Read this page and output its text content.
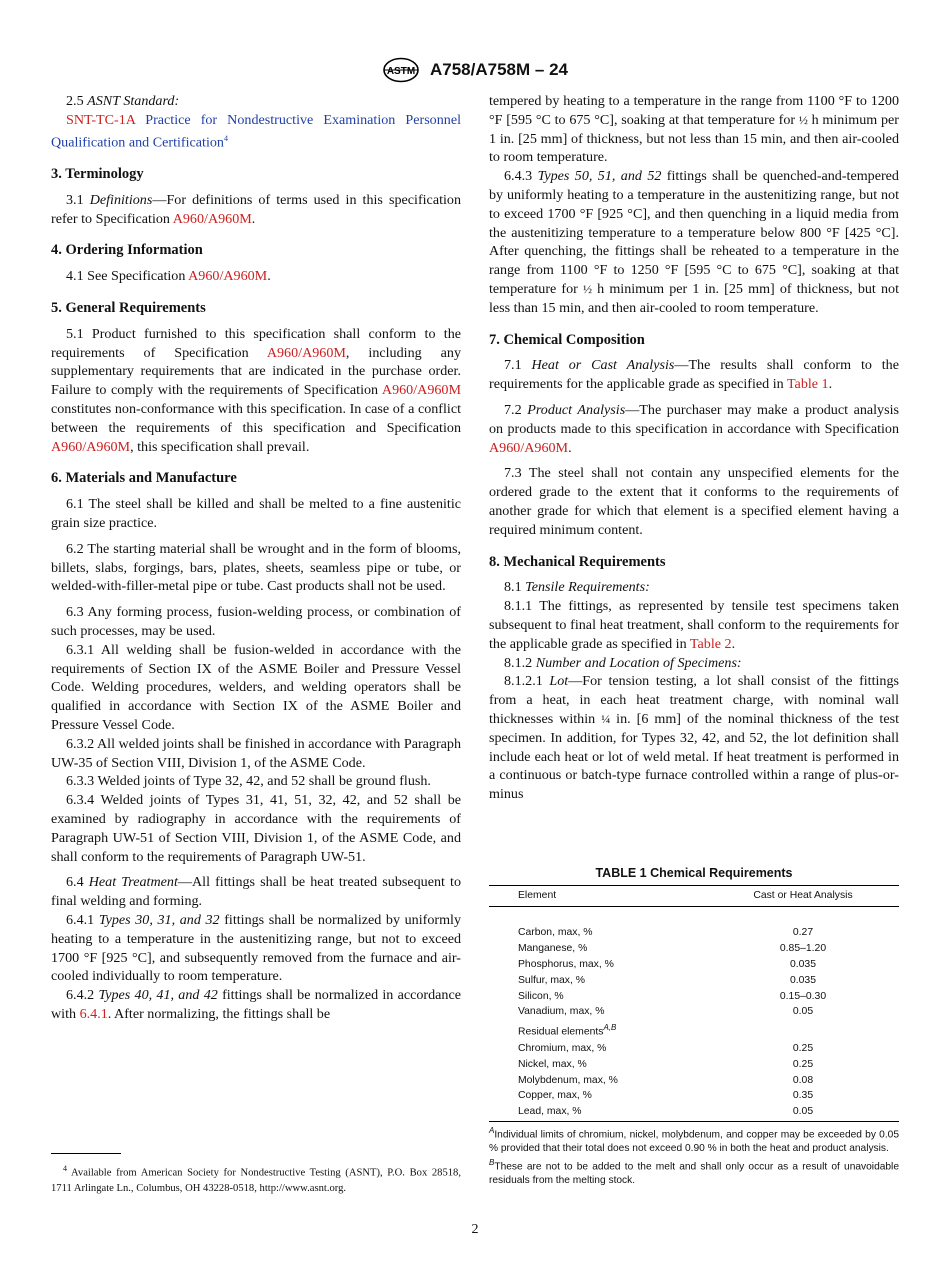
ASTM A758/A758M – 24

2.5 ASNT Standard:

SNT-TC-1A Practice for Nondestructive Examination Personnel Qualification and Certification$^4$

3. Terminology

3.1 Definitions—For definitions of terms used in this specification refer to Specification A960/A960M.

4. Ordering Information

4.1 See Specification A960/A960M.

5. General Requirements

5.1 Product furnished to this specification shall conform to the requirements of Specification A960/A960M, including any supplementary requirements that are indicated in the purchase order. Failure to comply with the requirements of Specification A960/A960M constitutes non-conformance with this specification. In case of a conflict between the requirements of this specification and Specification A960/A960M, this specification shall prevail.

6. Materials and Manufacture

6.1 The steel shall be killed and shall be melted to a fine austenitic grain size practice.

6.2 The starting material shall be wrought and in the form of blooms, billets, slabs, forgings, bars, plates, sheets, seamless pipe or tube, or welded-with-filler-metal pipe or tube. Cast products shall not be used.

6.3 Any forming process, fusion-welding process, or combination of such processes, may be used.

6.3.1 All welding shall be fusion-welded in accordance with the requirements of Section IX of the ASME Boiler and Pressure Vessel Code. Welding procedures, welders, and welding operators shall be qualified in accordance with Section IX of the ASME Boiler and Pressure Vessel Code.

6.3.2 All welded joints shall be finished in accordance with Paragraph UW-35 of Section VIII, Division 1, of the ASME Code.

6.3.3 Welded joints of Type 32, 42, and 52 shall be ground flush.

6.3.4 Welded joints of Types 31, 41, 51, 32, 42, and 52 shall be examined by radiography in accordance with the requirements of Paragraph UW-51 of Section VIII, Division 1, of the ASME Code, and shall conform to the requirements of Paragraph UW-51.

6.4 Heat Treatment—All fittings shall be heat treated subsequent to final welding and forming.

6.4.1 Types 30, 31, and 32 fittings shall be normalized by uniformly heating to a temperature in the austenitizing range, but not to exceed 1700 °F [925 °C], and subsequently removed from the furnace and air-cooled individually to room temperature.

6.4.2 Types 40, 41, and 42 fittings shall be normalized in accordance with 6.4.1. After normalizing, the fittings shall be

$^4$ Available from American Society for Nondestructive Testing (ASNT), P.O. Box 28518, 1711 Arlingate Ln., Columbus, OH 43228-0518, http://www.asnt.org.

tempered by heating to a temperature in the range from 1100 °F to 1200 °F [595 °C to 675 °C], soaking at that temperature for ½ h minimum per 1 in. [25 mm] of thickness, but not less than 15 min, and then air-cooled to room temperature.

6.4.3 Types 50, 51, and 52 fittings shall be quenched-and-tempered by uniformly heating to a temperature in the austenitizing range, but not to exceed 1700 °F [925 °C], and then quenching in a liquid media from the austenitizing temperature to a temperature below 800 °F [425 °C]. After quenching, the fittings shall be reheated to a temperature in the range from 1100 °F to 1250 °F [595 °C to 675 °C], soaking at that temperature for ½ h minimum per 1 in. [25 mm] of thickness, but not less than 15 min, and then air-cooled to room temperature.

7. Chemical Composition

7.1 Heat or Cast Analysis—The results shall conform to the requirements for the applicable grade as specified in Table 1.

7.2 Product Analysis—The purchaser may make a product analysis on products made to this specification in accordance with Specification A960/A960M.

7.3 The steel shall not contain any unspecified elements for the ordered grade to the extent that it conforms to the requirements of another grade for which that element is a specified element having a required minimum content.

8. Mechanical Requirements

8.1 Tensile Requirements:

8.1.1 The fittings, as represented by tensile test specimens taken subsequent to final heat treatment, shall conform to the requirements for the applicable grade as specified in Table 2.

8.1.2 Number and Location of Specimens:

8.1.2.1 Lot—For tension testing, a lot shall consist of the fittings from a heat, in each heat treatment charge, with nominal wall thicknesses within ¼ in. [6 mm] of the nominal thickness of the test specimen. In addition, for Types 32, 42, and 52, the lot definition shall include each heat or lot of weld metal. If heat treatment is performed in a continuous or batch-type furnace controlled within a range of plus-or-minus

TABLE 1 Chemical Requirements
Element	Cast or Heat Analysis

Carbon, max, %	0.27
Manganese, %	0.85–1.20
Phosphorus, max, %	0.035
Sulfur, max, %	0.035
Silicon, %	0.15–0.30
Vanadium, max, %	0.05
Residual elements$^{A,B}$	
Chromium, max, %	0.25
Nickel, max, %	0.25
Molybdenum, max, %	0.08
Copper, max, %	0.35
Lead, max, %	0.05
$^A$Individual limits of chromium, nickel, molybdenum, and copper may be exceeded by 0.05 % provided that their total does not exceed 0.90 % in both the heat and product analysis.
$^B$These are not to be added to the melt and shall only occur as a result of unavoidable residuals from the melting stock.
2
